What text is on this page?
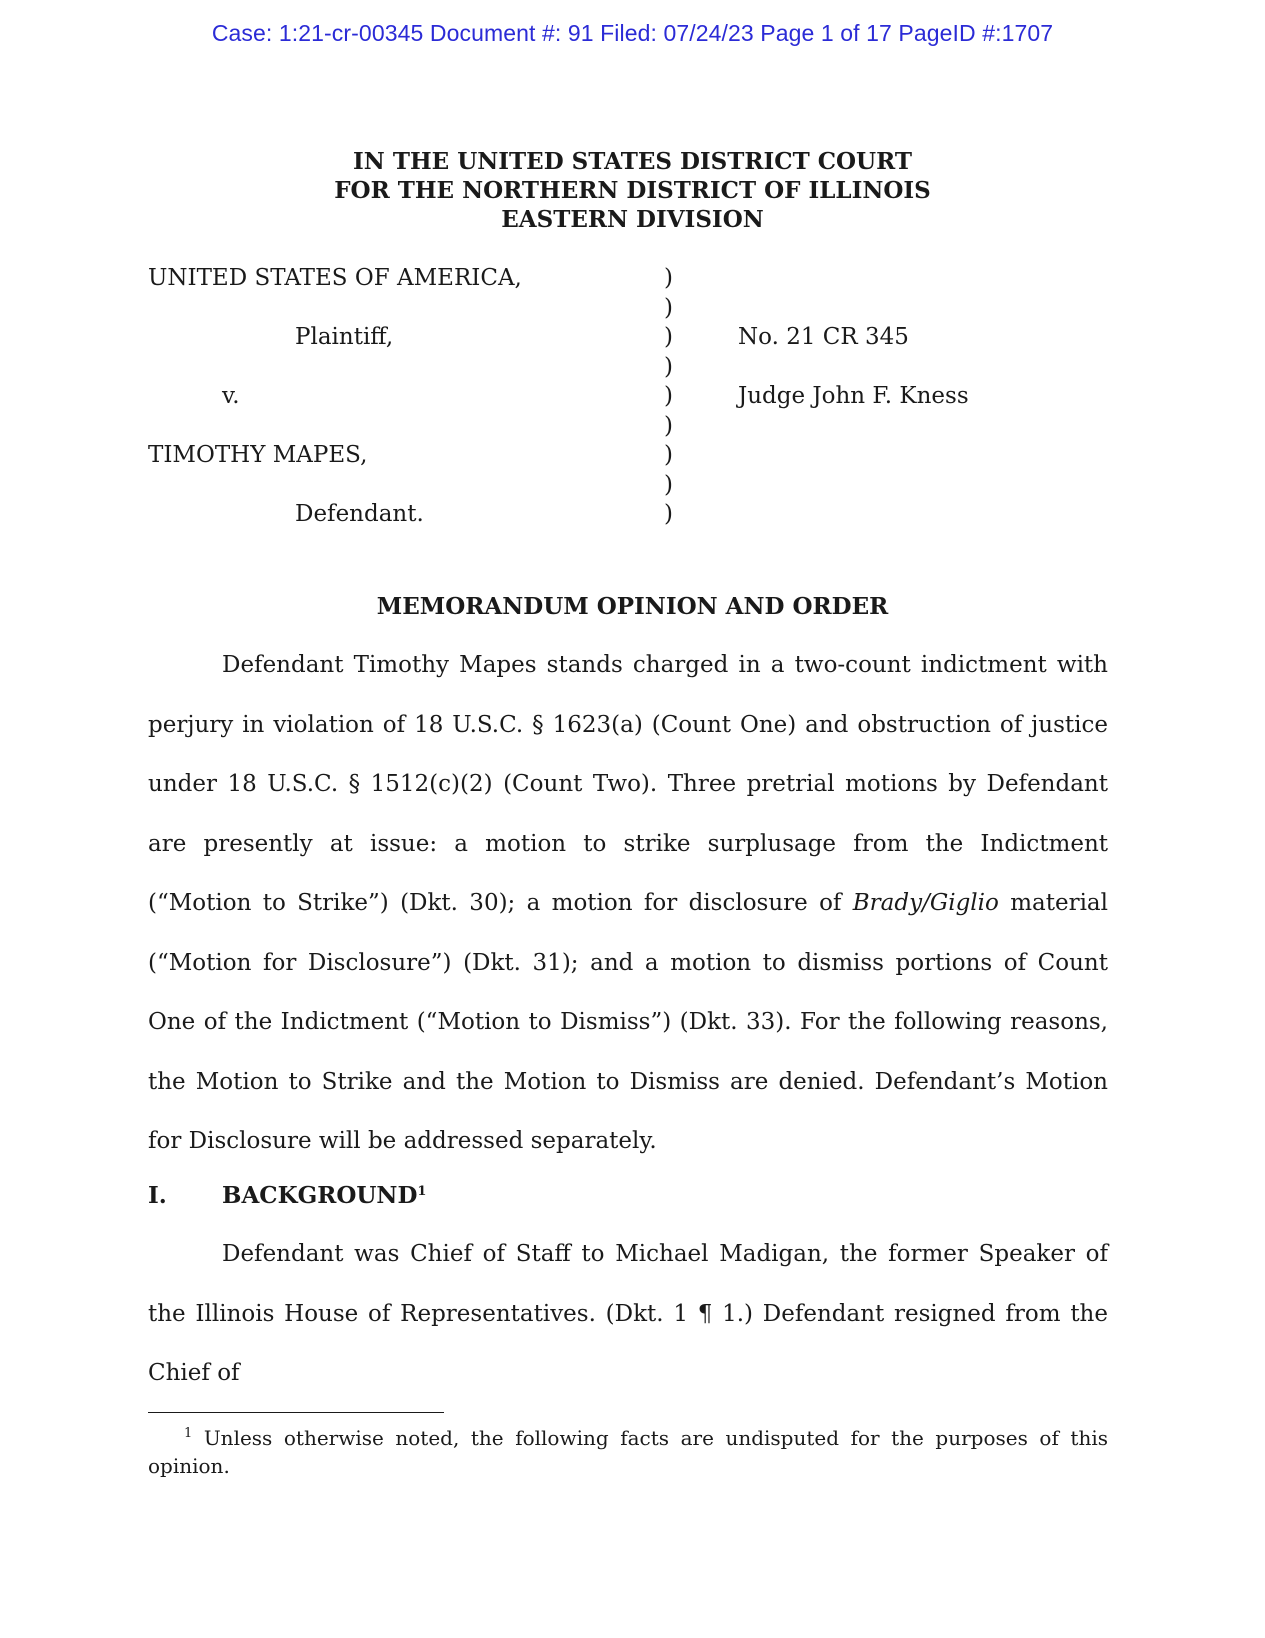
Case: 1:21-cr-00345 Document #: 91 Filed: 07/24/23 Page 1 of 17 PageID #:1707
IN THE UNITED STATES DISTRICT COURT
FOR THE NORTHERN DISTRICT OF ILLINOIS
EASTERN DIVISION
UNITED STATES OF AMERICA,
Plaintiff,
v.
TIMOTHY MAPES,
Defendant.
)
)
)
)
)
)
)
)
)
No. 21 CR 345
Judge John F. Kness
MEMORANDUM OPINION AND ORDER

Defendant Timothy Mapes stands charged in a two-count indictment with perjury in violation of 18 U.S.C. § 1623(a) (Count One) and obstruction of justice under 18 U.S.C. § 1512(c)(2) (Count Two). Three pretrial motions by Defendant are presently at issue: a motion to strike surplusage from the Indictment (“Motion to Strike”) (Dkt. 30); a motion for disclosure of Brady/Giglio material (“Motion for Disclosure”) (Dkt. 31); and a motion to dismiss portions of Count One of the Indictment (“Motion to Dismiss”) (Dkt. 33). For the following reasons, the Motion to Strike and the Motion to Dismiss are denied. Defendant’s Motion for Disclosure will be addressed separately.

I. BACKGROUND$^1$

Defendant was Chief of Staff to Michael Madigan, the former Speaker of the Illinois House of Representatives. (Dkt. 1 ¶ 1.) Defendant resigned from the Chief of

$^1$ Unless otherwise noted, the following facts are undisputed for the purposes of this opinion.
